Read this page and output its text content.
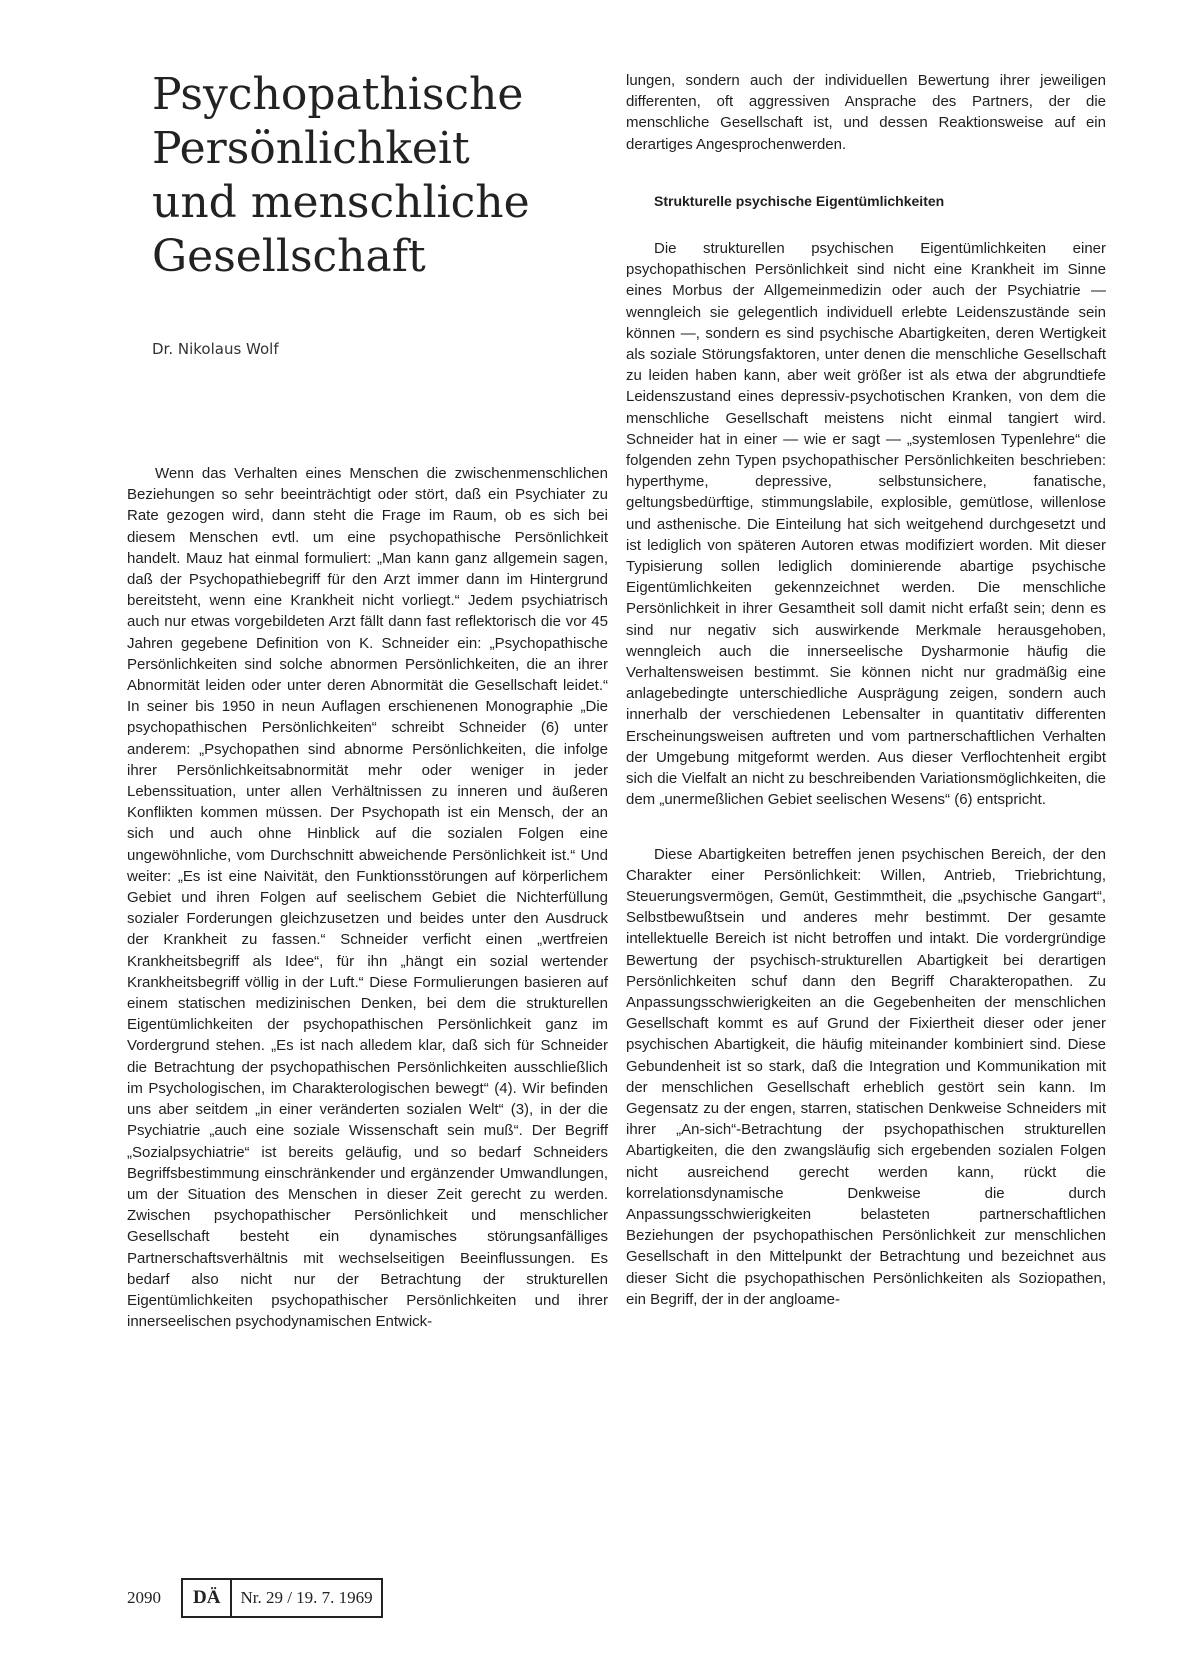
Psychopathische
Persönlichkeit
und menschliche
Gesellschaft

Dr. Nikolaus Wolf

Wenn das Verhalten eines Menschen die zwischenmenschlichen Beziehungen so sehr beeinträchtigt oder stört, daß ein Psychiater zu Rate gezogen wird, dann steht die Frage im Raum, ob es sich bei diesem Menschen evtl. um eine psychopathische Persönlichkeit handelt. Mauz hat einmal formuliert: „Man kann ganz allgemein sagen, daß der Psychopathiebegriff für den Arzt immer dann im Hintergrund bereitsteht, wenn eine Krankheit nicht vorliegt.“ Jedem psychiatrisch auch nur etwas vorgebildeten Arzt fällt dann fast reflektorisch die vor 45 Jahren gegebene Definition von K. Schneider ein: „Psychopathische Persönlichkeiten sind solche abnormen Persönlichkeiten, die an ihrer Abnormität leiden oder unter deren Abnormität die Gesellschaft leidet.“ In seiner bis 1950 in neun Auflagen erschienenen Monographie „Die psychopathischen Persönlichkeiten“ schreibt Schneider (6) unter anderem: „Psychopathen sind abnorme Persönlichkeiten, die infolge ihrer Persönlichkeitsabnormität mehr oder weniger in jeder Lebenssituation, unter allen Verhältnissen zu inneren und äußeren Konflikten kommen müssen. Der Psychopath ist ein Mensch, der an sich und auch ohne Hinblick auf die sozialen Folgen eine ungewöhnliche, vom Durchschnitt abweichende Persönlichkeit ist.“ Und weiter: „Es ist eine Naivität, den Funktionsstörungen auf körperlichem Gebiet und ihren Folgen auf seelischem Gebiet die Nichterfüllung sozialer Forderungen gleichzusetzen und beides unter den Ausdruck der Krankheit zu fassen.“ Schneider verficht einen „wertfreien Krankheitsbegriff als Idee“, für ihn „hängt ein sozial wertender Krankheitsbegriff völlig in der Luft.“ Diese Formulierungen basieren auf einem statischen medizinischen Denken, bei dem die strukturellen Eigentümlichkeiten der psychopathischen Persönlichkeit ganz im Vordergrund stehen. „Es ist nach alledem klar, daß sich für Schneider die Betrachtung der psychopathischen Persönlichkeiten ausschließlich im Psychologischen, im Charakterologischen bewegt“ (4). Wir befinden uns aber seitdem „in einer veränderten sozialen Welt“ (3), in der die Psychiatrie „auch eine soziale Wissenschaft sein muß“. Der Begriff „Sozialpsychiatrie“ ist bereits geläufig, und so bedarf Schneiders Begriffsbestimmung einschränkender und ergänzender Umwandlungen, um der Situation des Menschen in dieser Zeit gerecht zu werden. Zwischen psychopathischer Persönlichkeit und menschlicher Gesellschaft besteht ein dynamisches störungsanfälliges Partnerschaftsverhältnis mit wechselseitigen Beeinflussungen. Es bedarf also nicht nur der Betrachtung der strukturellen Eigentümlichkeiten psychopathischer Persönlichkeiten und ihrer innerseelischen psychodynamischen Entwick-

lungen, sondern auch der individuellen Bewertung ihrer jeweiligen differenten, oft aggressiven Ansprache des Partners, der die menschliche Gesellschaft ist, und dessen Reaktionsweise auf ein derartiges Angesprochenwerden.

Strukturelle psychische Eigentümlichkeiten

Die strukturellen psychischen Eigentümlichkeiten einer psychopathischen Persönlichkeit sind nicht eine Krankheit im Sinne eines Morbus der Allgemeinmedizin oder auch der Psychiatrie — wenngleich sie gelegentlich individuell erlebte Leidenszustände sein können —, sondern es sind psychische Abartigkeiten, deren Wertigkeit als soziale Störungsfaktoren, unter denen die menschliche Gesellschaft zu leiden haben kann, aber weit größer ist als etwa der abgrundtiefe Leidenszustand eines depressiv-psychotischen Kranken, von dem die menschliche Gesellschaft meistens nicht einmal tangiert wird. Schneider hat in einer — wie er sagt — „systemlosen Typenlehre“ die folgenden zehn Typen psychopathischer Persönlichkeiten beschrieben: hyperthyme, depressive, selbstunsichere, fanatische, geltungsbedürftige, stimmungslabile, explosible, gemütlose, willenlose und asthenische. Die Einteilung hat sich weitgehend durchgesetzt und ist lediglich von späteren Autoren etwas modifiziert worden. Mit dieser Typisierung sollen lediglich dominierende abartige psychische Eigentümlichkeiten gekennzeichnet werden. Die menschliche Persönlichkeit in ihrer Gesamtheit soll damit nicht erfaßt sein; denn es sind nur negativ sich auswirkende Merkmale herausgehoben, wenngleich auch die innerseelische Dysharmonie häufig die Verhaltensweisen bestimmt. Sie können nicht nur gradmäßig eine anlagebedingte unterschiedliche Ausprägung zeigen, sondern auch innerhalb der verschiedenen Lebensalter in quantitativ differenten Erscheinungsweisen auftreten und vom partnerschaftlichen Verhalten der Umgebung mitgeformt werden. Aus dieser Verflochtenheit ergibt sich die Vielfalt an nicht zu beschreibenden Variationsmöglichkeiten, die dem „unermeßlichen Gebiet seelischen Wesens“ (6) entspricht.

Diese Abartigkeiten betreffen jenen psychischen Bereich, der den Charakter einer Persönlichkeit: Willen, Antrieb, Triebrichtung, Steuerungsvermögen, Gemüt, Gestimmtheit, die „psychische Gangart“, Selbstbewußtsein und anderes mehr bestimmt. Der gesamte intellektuelle Bereich ist nicht betroffen und intakt. Die vordergründige Bewertung der psychisch-strukturellen Abartigkeit bei derartigen Persönlichkeiten schuf dann den Begriff Charakteropathen. Zu Anpassungsschwierigkeiten an die Gegebenheiten der menschlichen Gesellschaft kommt es auf Grund der Fixiertheit dieser oder jener psychischen Abartigkeit, die häufig miteinander kombiniert sind. Diese Gebundenheit ist so stark, daß die Integration und Kommunikation mit der menschlichen Gesellschaft erheblich gestört sein kann. Im Gegensatz zu der engen, starren, statischen Denkweise Schneiders mit ihrer „An-sich“-Betrachtung der psychopathischen strukturellen Abartigkeiten, die den zwangsläufig sich ergebenden sozialen Folgen nicht ausreichend gerecht werden kann, rückt die korrelationsdynamische Denkweise die durch Anpassungsschwierigkeiten belasteten partnerschaftlichen Beziehungen der psychopathischen Persönlichkeit zur menschlichen Gesellschaft in den Mittelpunkt der Betrachtung und bezeichnet aus dieser Sicht die psychopathischen Persönlichkeiten als Soziopathen, ein Begriff, der in der angloame-

2090	DÄ	Nr. 29 / 19. 7. 1969
